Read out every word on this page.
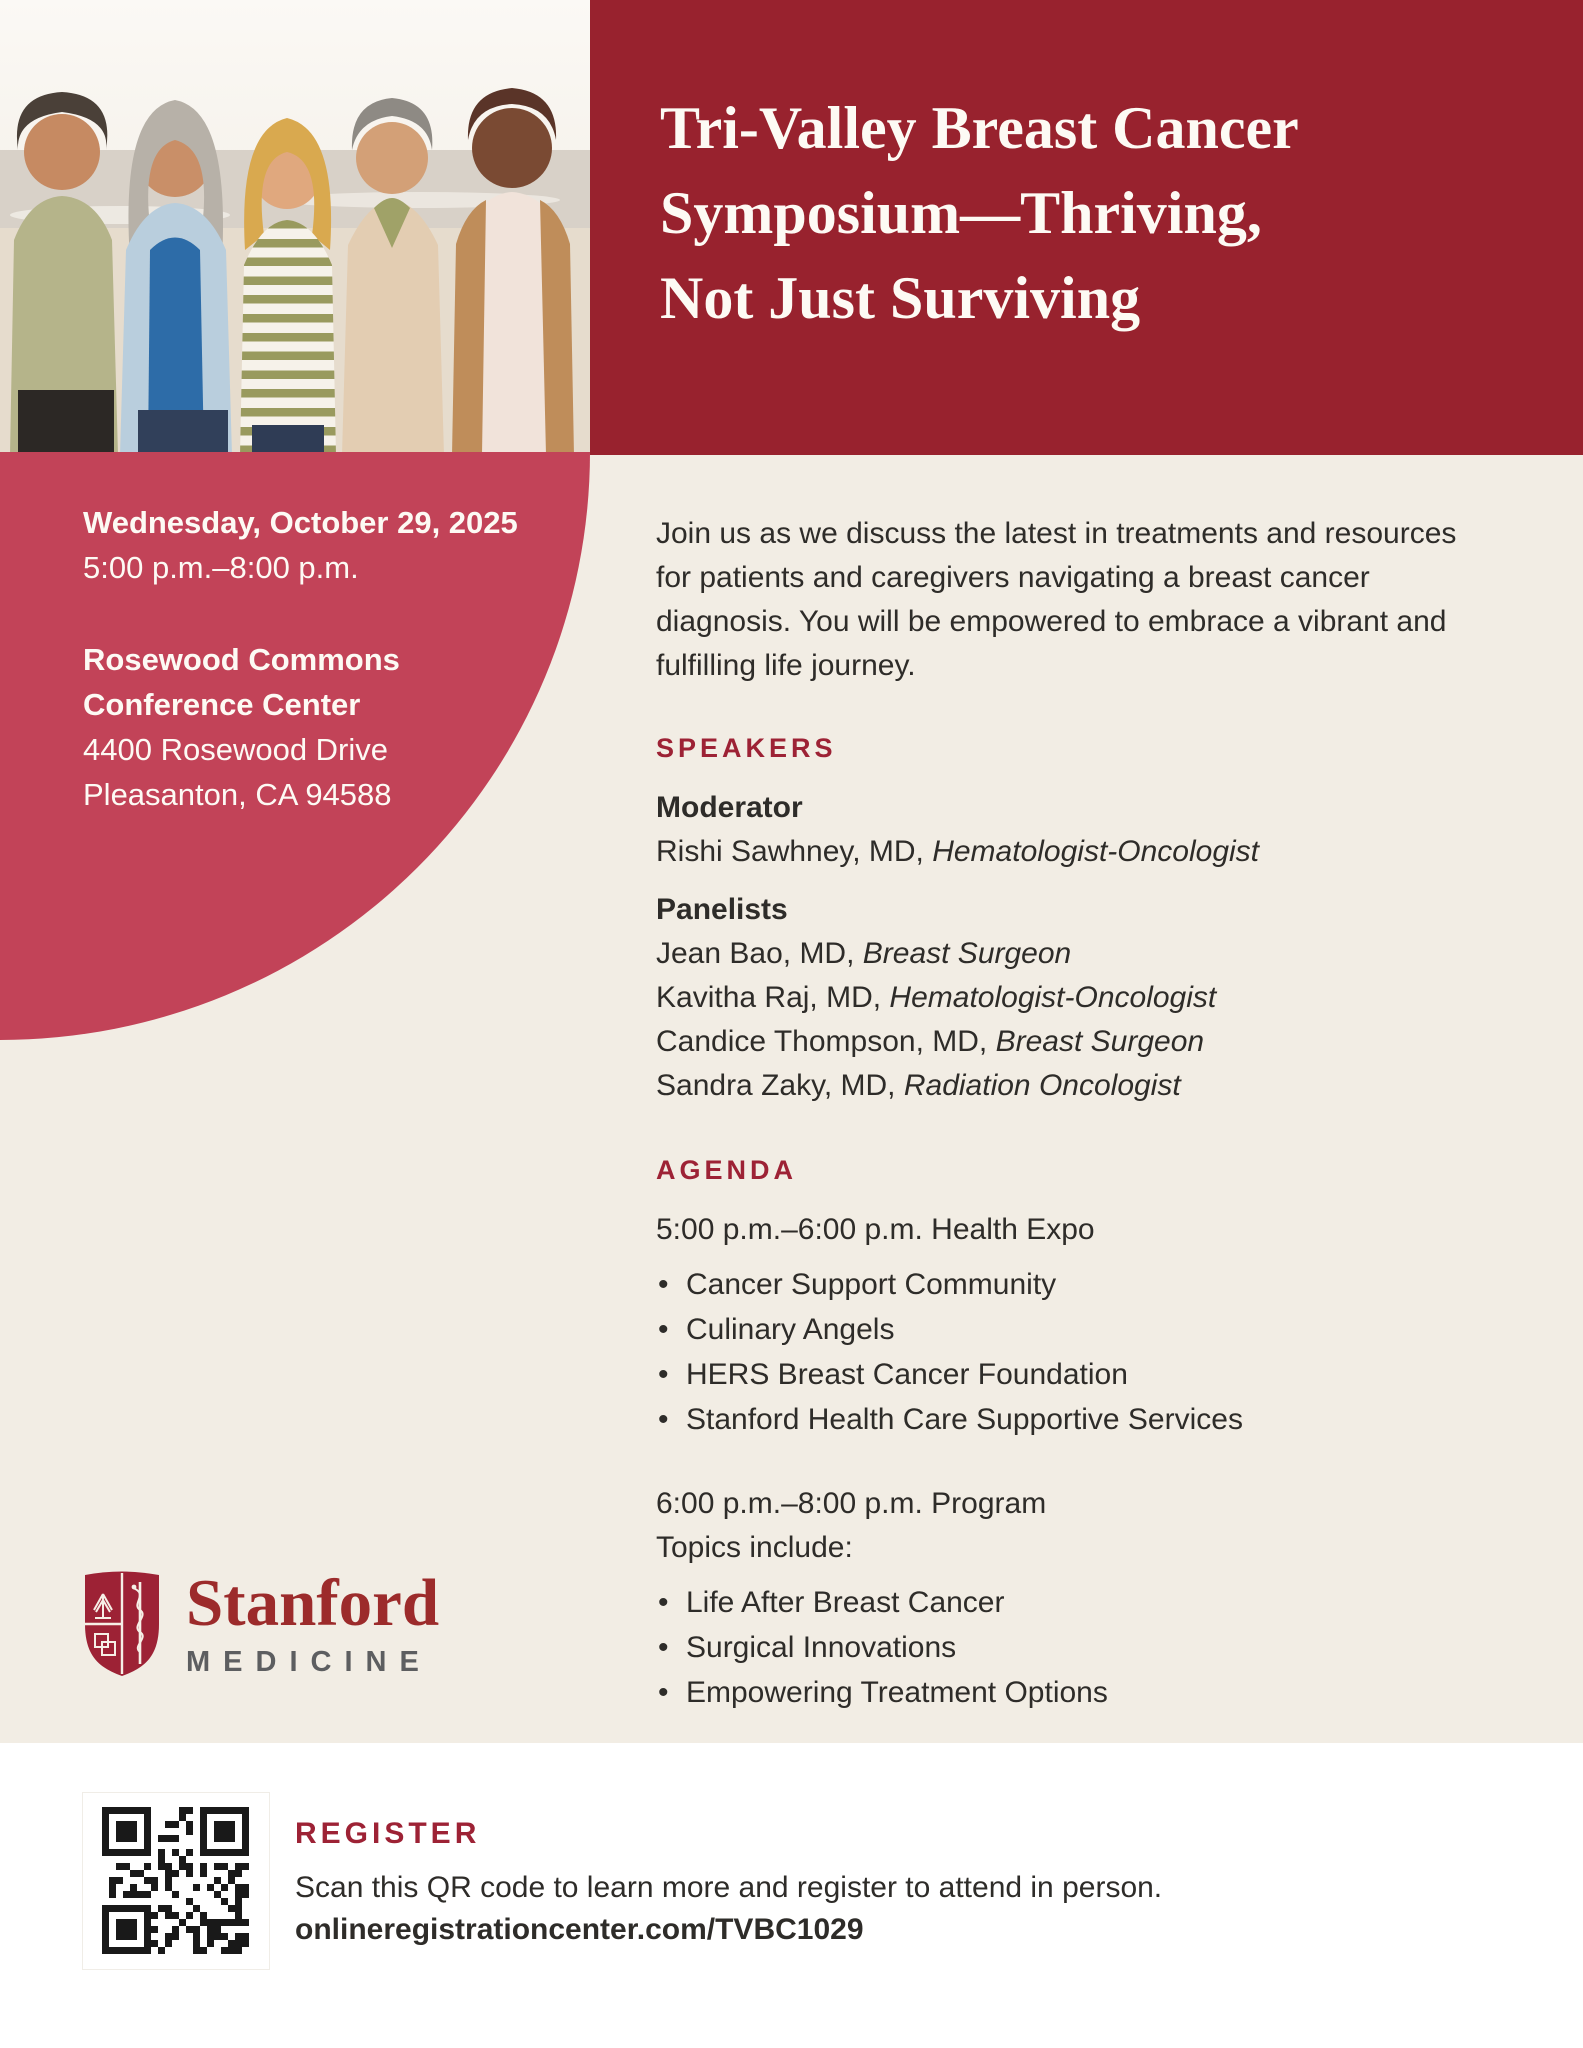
Tri-Valley Breast Cancer
Symposium—Thriving,
Not Just Surviving
Wednesday, October 29, 2025
5:00 p.m.–8:00 p.m.
Rosewood Commons
Conference Center
4400 Rosewood Drive
Pleasanton, CA 94588

Join us as we discuss the latest in treatments and resources for patients and caregivers navigating a breast cancer diagnosis. You will be empowered to embrace a vibrant and fulfilling life journey.

SPEAKERS

Moderator

Rishi Sawhney, MD, Hematologist-Oncologist

Panelists

Jean Bao, MD, Breast Surgeon

Kavitha Raj, MD, Hematologist-Oncologist

Candice Thompson, MD, Breast Surgeon

Sandra Zaky, MD, Radiation Oncologist

AGENDA

5:00 p.m.–6:00 p.m. Health Expo

• Cancer Support Community
• Culinary Angels
• HERS Breast Cancer Foundation
• Stanford Health Care Supportive Services

6:00 p.m.–8:00 p.m. Program

Topics include:

• Life After Breast Cancer
• Surgical Innovations
• Empowering Treatment Options

Stanford
MEDICINE

REGISTER

Scan this QR code to learn more and register to attend in person.

onlineregistrationcenter.com/TVBC1029
